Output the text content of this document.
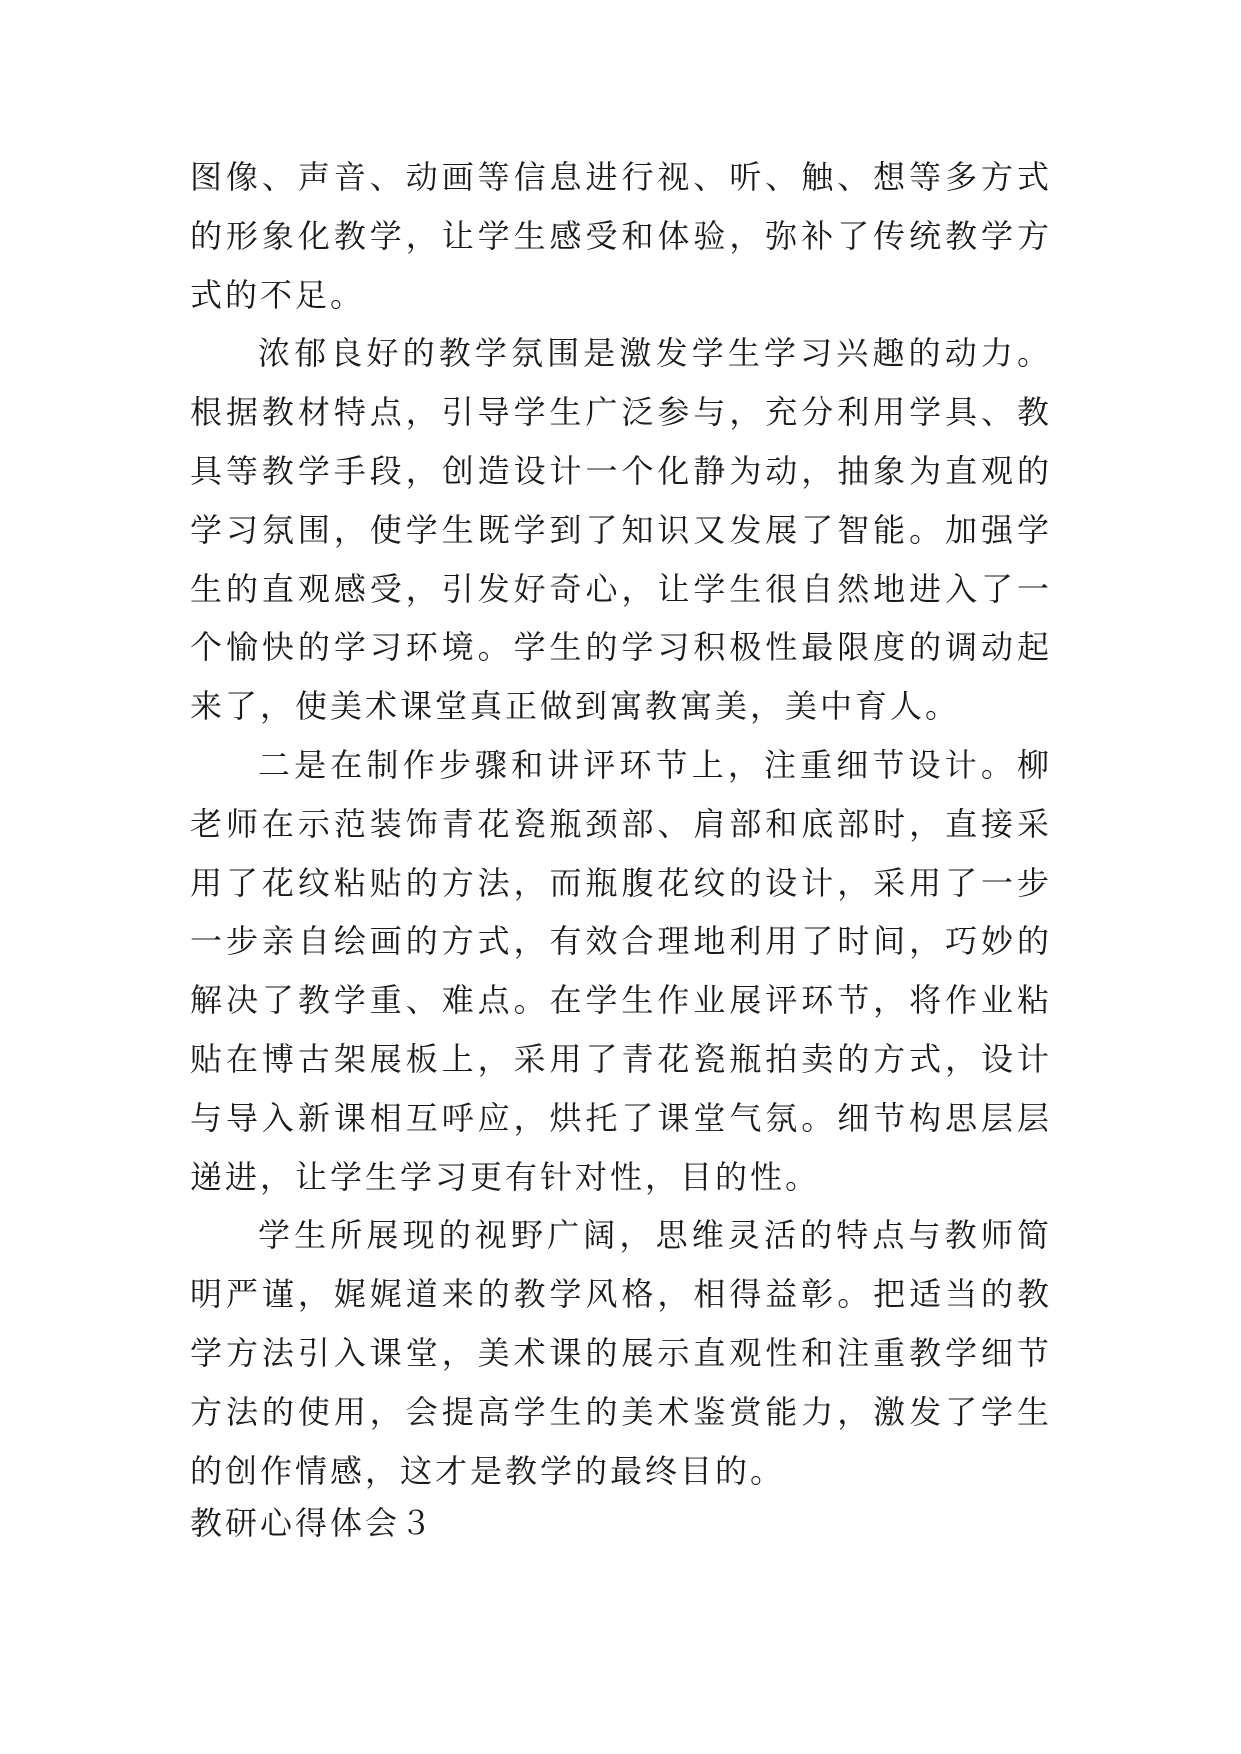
图像、声音、动画等信息进行视、听、触、想等多方式的形象化教学，让学生感受和体验，弥补了传统教学方式的不足。

浓郁良好的教学氛围是激发学生学习兴趣的动力。根据教材特点，引导学生广泛参与，充分利用学具、教具等教学手段，创造设计一个化静为动，抽象为直观的学习氛围，使学生既学到了知识又发展了智能。加强学生的直观感受，引发好奇心，让学生很自然地进入了一个愉快的学习环境。学生的学习积极性最限度的调动起来了，使美术课堂真正做到寓教寓美，美中育人。

二是在制作步骤和讲评环节上，注重细节设计。柳老师在示范装饰青花瓷瓶颈部、肩部和底部时，直接采用了花纹粘贴的方法，而瓶腹花纹的设计，采用了一步一步亲自绘画的方式，有效合理地利用了时间，巧妙的解决了教学重、难点。在学生作业展评环节，将作业粘贴在博古架展板上，采用了青花瓷瓶拍卖的方式，设计与导入新课相互呼应，烘托了课堂气氛。细节构思层层递进，让学生学习更有针对性，目的性。

学生所展现的视野广阔，思维灵活的特点与教师简明严谨，娓娓道来的教学风格，相得益彰。把适当的教学方法引入课堂，美术课的展示直观性和注重教学细节方法的使用，会提高学生的美术鉴赏能力，激发了学生的创作情感，这才是教学的最终目的。

教研心得体会３
